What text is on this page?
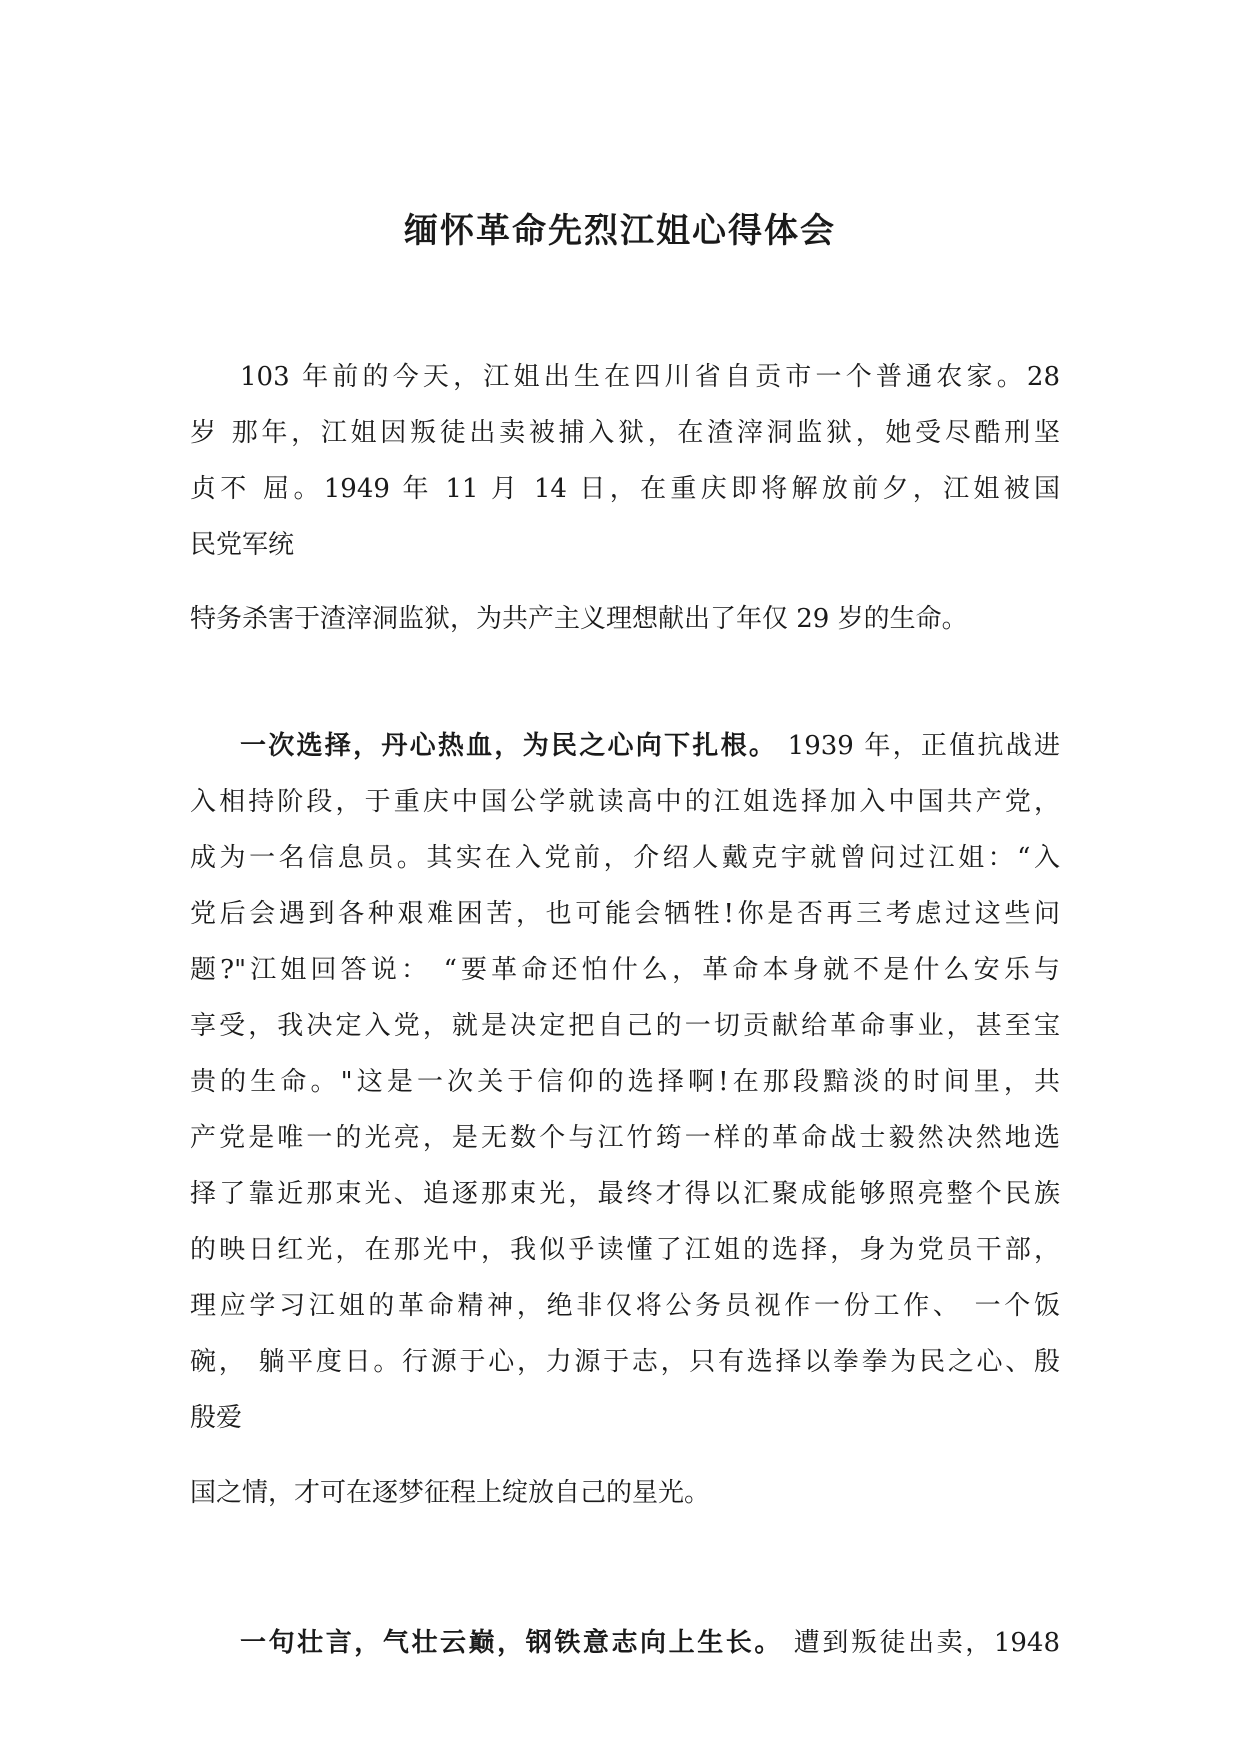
缅怀革命先烈江姐心得体会
103 年前的今天，江姐出生在四川省自贡市一个普通农家。28
岁 那年，江姐因叛徒出卖被捕入狱，在渣滓洞监狱，她受尽酷刑坚
贞不 屈。1949 年 11 月 14 日，在重庆即将解放前夕，江姐被国
民党军统
特务杀害于渣滓洞监狱，为共产主义理想献出了年仅 29 岁的生命。
一次选择，丹心热血，为民之心向下扎根。 1939 年，正值抗战进
入相持阶段，于重庆中国公学就读高中的江姐选择加入中国共产党，
成为一名信息员。其实在入党前，介绍人戴克宇就曾问过江姐：“入
党后会遇到各种艰难困苦，也可能会牺牲!你是否再三考虑过这些问
题?"江姐回答说： “要革命还怕什么，革命本身就不是什么安乐与
享受，我决定入党，就是决定把自己的一切贡献给革命事业，甚至宝
贵的生命。"这是一次关于信仰的选择啊!在那段黯淡的时间里，共
产党是唯一的光亮，是无数个与江竹筠一样的革命战士毅然决然地选
择了靠近那束光、追逐那束光，最终才得以汇聚成能够照亮整个民族
的映日红光，在那光中，我似乎读懂了江姐的选择，身为党员干部，
理应学习江姐的革命精神，绝非仅将公务员视作一份工作、 一个饭
碗， 躺平度日。行源于心，力源于志，只有选择以拳拳为民之心、殷
殷爱
国之情，才可在逐梦征程上绽放自己的星光。
一句壮言，气壮云巅，钢铁意志向上生长。 遭到叛徒出卖，1948
